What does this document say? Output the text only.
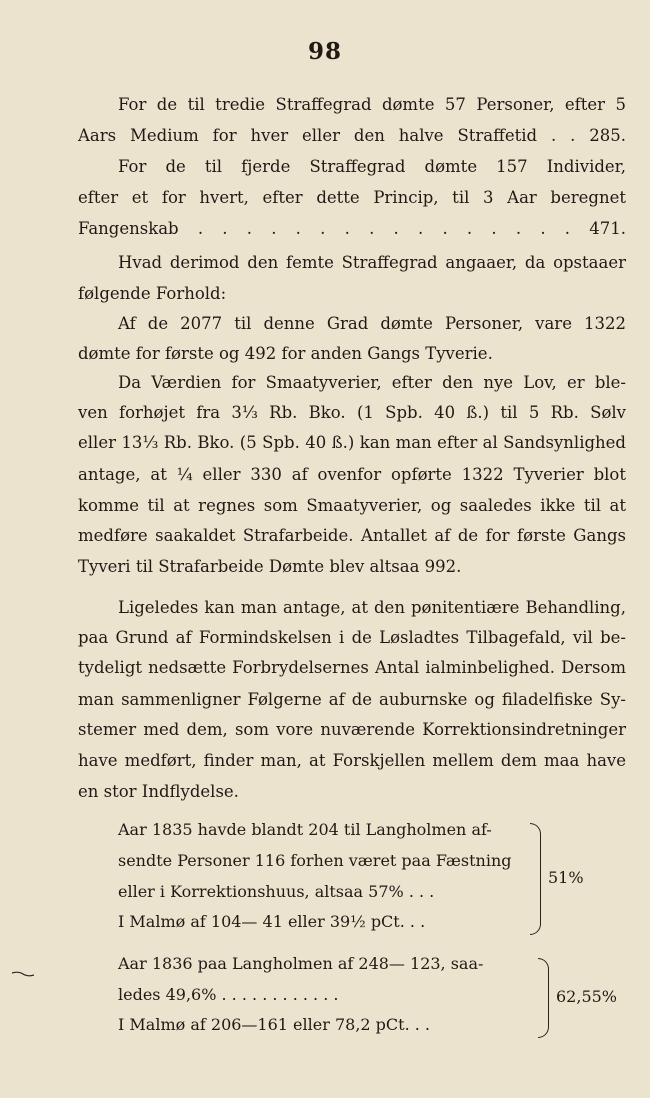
98
For de til tredie Straffegrad dømte 57 Personer, efter 5
Aars Medium for hver eller den halve Straffetid . . 285.
For de til fjerde Straffegrad dømte 157 Individer,
efter et for hvert, efter dette Princip, til 3 Aar beregnet
Fangenskab . . . . . . . . . . . . . . . . 471.
Hvad derimod den femte Straffegrad angaaer, da opstaaer
følgende Forhold:
Af de 2077 til denne Grad dømte Personer, vare 1322
dømte for første og 492 for anden Gangs Tyverie.
Da Værdien for Smaatyverier, efter den nye Lov, er ble-
ven forhøjet fra 3⅓ Rb. Bko. (1 Spb. 40 ß.) til 5 Rb. Sølv
eller 13⅓ Rb. Bko. (5 Spb. 40 ß.) kan man efter al Sandsynlighed
antage, at ¼ eller 330 af ovenfor opførte 1322 Tyverier blot
komme til at regnes som Smaatyverier, og saaledes ikke til at
medføre saakaldet Strafarbeide. Antallet af de for første Gangs
Tyveri til Strafarbeide Dømte blev altsaa 992.
Ligeledes kan man antage, at den pønitentiære Behandling,
paa Grund af Formindskelsen i de Løsladtes Tilbagefald, vil be-
tydeligt nedsætte Forbrydelsernes Antal ialminbelighed. Dersom
man sammenligner Følgerne af de auburnske og filadelfiske Sy-
stemer med dem, som vore nuværende Korrektionsindretninger
have medført, finder man, at Forskjellen mellem dem maa have
en stor Indflydelse.
Aar 1835 havde blandt 204 til Langholmen af-
sendte Personer 116 forhen været paa Fæstning
eller i Korrektionshuus, altsaa 57% . . .
I Malmø af 104— 41 eller 39½ pCt. . .
51%
Aar 1836 paa Langholmen af 248— 123, saa-
ledes 49,6% . . . . . . . . . . . .
I Malmø af 206—161 eller 78,2 pCt. . .
62,55%
